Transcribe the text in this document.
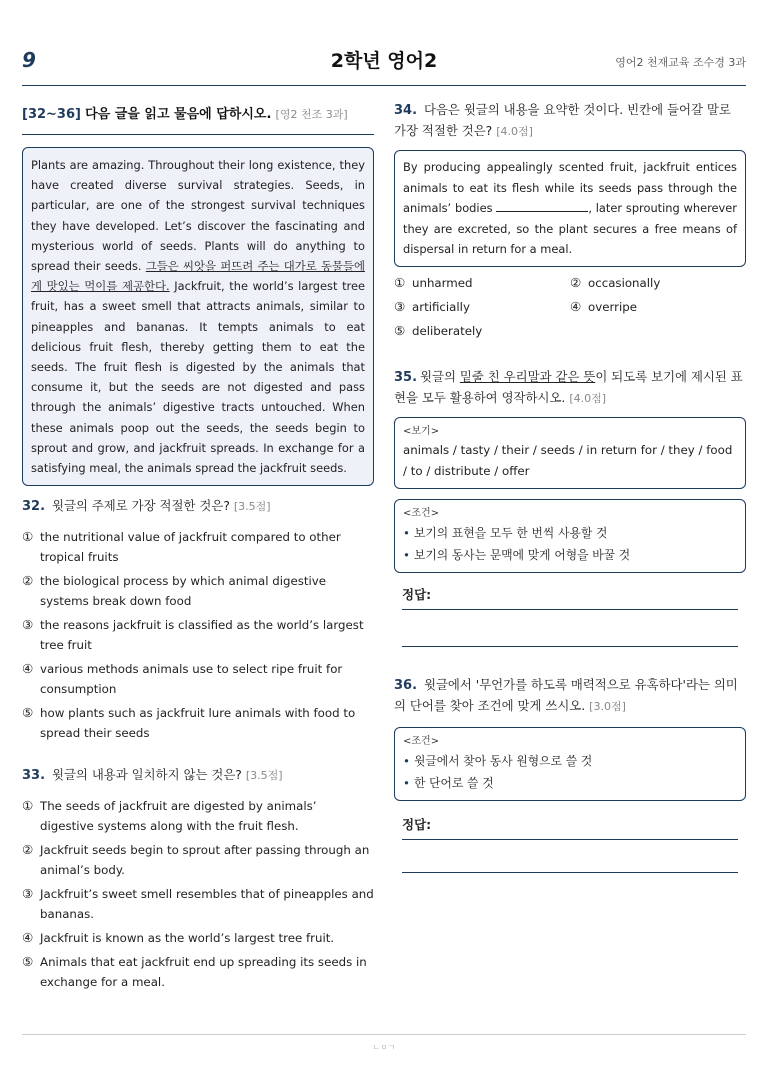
9	2학년 영어2	영어2 천재교육 조수경 3과
[32~36] 다음 글을 읽고 물음에 답하시오. [영2 천조 3과]
Plants are amazing. Throughout their long existence, they have created diverse survival strategies. Seeds, in particular, are one of the strongest survival techniques they have developed. Let’s discover the fascinating and mysterious world of seeds. Plants will do anything to spread their seeds. 그들은 씨앗을 퍼뜨려 주는 대가로 동물들에게 맛있는 먹이를 제공한다. Jackfruit, the world’s largest tree fruit, has a sweet smell that attracts animals, similar to pineapples and bananas. It tempts animals to eat delicious fruit flesh, thereby getting them to eat the seeds. The fruit flesh is digested by the animals that consume it, but the seeds are not digested and pass through the animals’ digestive tracts untouched. When these animals poop out the seeds, the seeds begin to sprout and grow, and jackfruit spreads. In exchange for a satisfying meal, the animals spread the jackfruit seeds.
32. 윗글의 주제로 가장 적절한 것은? [3.5점]
① the nutritional value of jackfruit compared to other tropical fruits
② the biological process by which animal digestive systems break down food
③ the reasons jackfruit is classified as the world’s largest tree fruit
④ various methods animals use to select ripe fruit for consumption
⑤ how plants such as jackfruit lure animals with food to spread their seeds
33. 윗글의 내용과 일치하지 않는 것은? [3.5점]
① The seeds of jackfruit are digested by animals’ digestive systems along with the fruit flesh.
② Jackfruit seeds begin to sprout after passing through an animal’s body.
③ Jackfruit’s sweet smell resembles that of pineapples and bananas.
④ Jackfruit is known as the world’s largest tree fruit.
⑤ Animals that eat jackfruit end up spreading its seeds in exchange for a meal.
34. 다음은 윗글의 내용을 요약한 것이다. 빈칸에 들어갈 말로 가장 적절한 것은? [4.0점]
By producing appealingly scented fruit, jackfruit entices animals to eat its flesh while its seeds pass through the animals’ bodies	, later sprouting wherever they are excreted, so the plant secures a free means of dispersal in return for a meal.
① unharmed	② occasionally
③ artificially	④ overripe
⑤ deliberately
35. 윗글의 밑줄 친 우리말과 같은 뜻이 되도록 보기에 제시된 표현을 모두 활용하여 영작하시오. [4.0점]
<보기>
animals / tasty / their / seeds / in return for / they / food / to / distribute / offer
<조건>
• 보기의 표현을 모두 한 번씩 사용할 것
• 보기의 동사는 문맥에 맞게 어형을 바꿀 것
정답:
36. 윗글에서 '무언가를 하도록 매력적으로 유혹하다'라는 의미의 단어를 찾아 조건에 맞게 쓰시오. [3.0점]
<조건>
• 윗글에서 찾아 동사 원형으로 쓸 것
• 한 단어로 쓸 것
정답:
ㄴㅇㄱ
